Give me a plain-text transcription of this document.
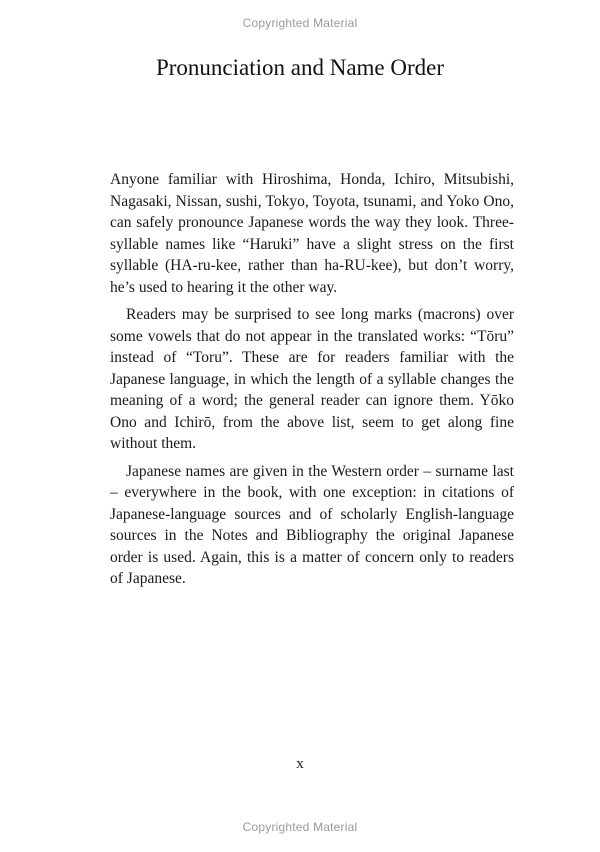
Copyrighted Material
Pronunciation and Name Order

Anyone familiar with Hiroshima, Honda, Ichiro, Mitsubishi, Nagasaki, Nissan, sushi, Tokyo, Toyota, tsunami, and Yoko Ono, can safely pronounce Japanese words the way they look. Three-syllable names like “Haruki” have a slight stress on the first syllable (HA-ru-kee, rather than ha-RU-kee), but don’t worry, he’s used to hearing it the other way.

Readers may be surprised to see long marks (macrons) over some vowels that do not appear in the translated works: “Tōru” instead of “Toru”. These are for readers familiar with the Japanese language, in which the length of a syllable changes the meaning of a word; the general reader can ignore them. Yōko Ono and Ichirō, from the above list, seem to get along fine without them.

Japanese names are given in the Western order – surname last – everywhere in the book, with one exception: in citations of Japanese-language sources and of scholarly English-language sources in the Notes and Bibliography the original Japanese order is used. Again, this is a matter of concern only to readers of Japanese.

x
Copyrighted Material
